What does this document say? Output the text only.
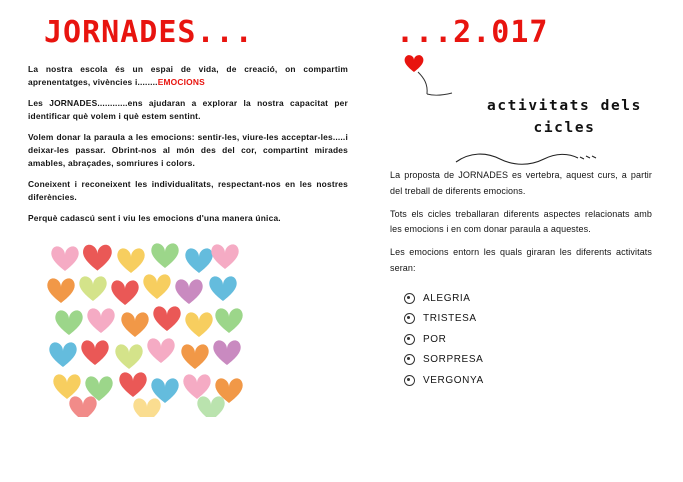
JORNADES...

La nostra escola és un espai de vida, de creació, on compartim aprenentatges, vivències i........EMOCIONS

Les JORNADES............ens ajudaran a explorar la nostra capacitat per identificar què volem i què estem sentint.

Volem donar la paraula a les emocions: sentir-les, viure-les acceptar-les.....i deixar-les passar. Obrint-nos al món des del cor, compartint mirades amables, abraçades, somriures i colors.

Coneixent i reconeixent les individualitats, respectant-nos en les nostres diferències.

Perquè cadascú sent i viu les emocions d'una manera única.

...2.017
activitats dels cicles

La proposta de JORNADES es vertebra, aquest curs, a partir del treball de diferents emocions.

Tots els cicles treballaran diferents aspectes relacionats amb les emocions i en com donar paraula a aquestes.

Les emocions entorn les quals giraran les diferents activitats seran:

ALEGRIA
TRISTESA
POR
SORPRESA
VERGONYA
